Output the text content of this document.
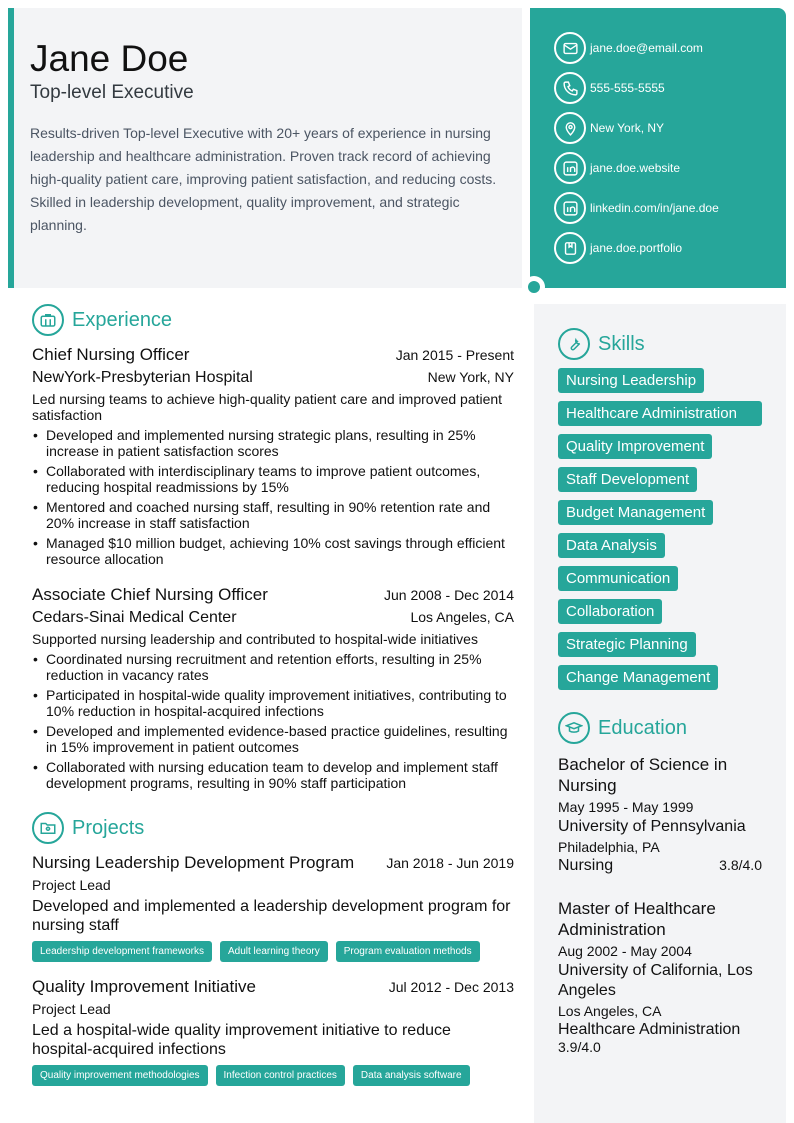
Jane Doe
Top-level Executive
Results-driven Top-level Executive with 20+ years of experience in nursing leadership and healthcare administration. Proven track record of achieving high-quality patient care, improving patient satisfaction, and reducing costs. Skilled in leadership development, quality improvement, and strategic planning.
jane.doe@email.com
555-555-5555
New York, NY
jane.doe.website
linkedin.com/in/jane.doe
jane.doe.portfolio
Experience
Chief Nursing Officer	Jan 2015 - Present
NewYork-Presbyterian Hospital	New York, NY
Led nursing teams to achieve high-quality patient care and improved patient satisfaction
• Developed and implemented nursing strategic plans, resulting in 25% increase in patient satisfaction scores
• Collaborated with interdisciplinary teams to improve patient outcomes, reducing hospital readmissions by 15%
• Mentored and coached nursing staff, resulting in 90% retention rate and 20% increase in staff satisfaction
• Managed $10 million budget, achieving 10% cost savings through efficient resource allocation
Associate Chief Nursing Officer	Jun 2008 - Dec 2014
Cedars-Sinai Medical Center	Los Angeles, CA
Supported nursing leadership and contributed to hospital-wide initiatives
• Coordinated nursing recruitment and retention efforts, resulting in 25% reduction in vacancy rates
• Participated in hospital-wide quality improvement initiatives, contributing to 10% reduction in hospital-acquired infections
• Developed and implemented evidence-based practice guidelines, resulting in 15% improvement in patient outcomes
• Collaborated with nursing education team to develop and implement staff development programs, resulting in 90% staff participation
Projects
Nursing Leadership Development Program Jan 2018 - Jun 2019
Project Lead
Developed and implemented a leadership development program for nursing staff
Leadership development frameworks	Adult learning theory	Program evaluation methods
Quality Improvement Initiative	Jul 2012 - Dec 2013
Project Lead
Led a hospital-wide quality improvement initiative to reduce hospital-acquired infections
Quality improvement methodologies	Infection control practices	Data analysis software
Skills
Nursing Leadership
Healthcare Administration
Quality Improvement
Staff Development
Budget Management
Data Analysis
Communication
Collaboration
Strategic Planning
Change Management
Education
Bachelor of Science in Nursing
May 1995 - May 1999
University of Pennsylvania
Philadelphia, PA
Nursing	3.8/4.0
Master of Healthcare Administration
Aug 2002 - May 2004
University of California, Los Angeles
Los Angeles, CA
Healthcare Administration
3.9/4.0
